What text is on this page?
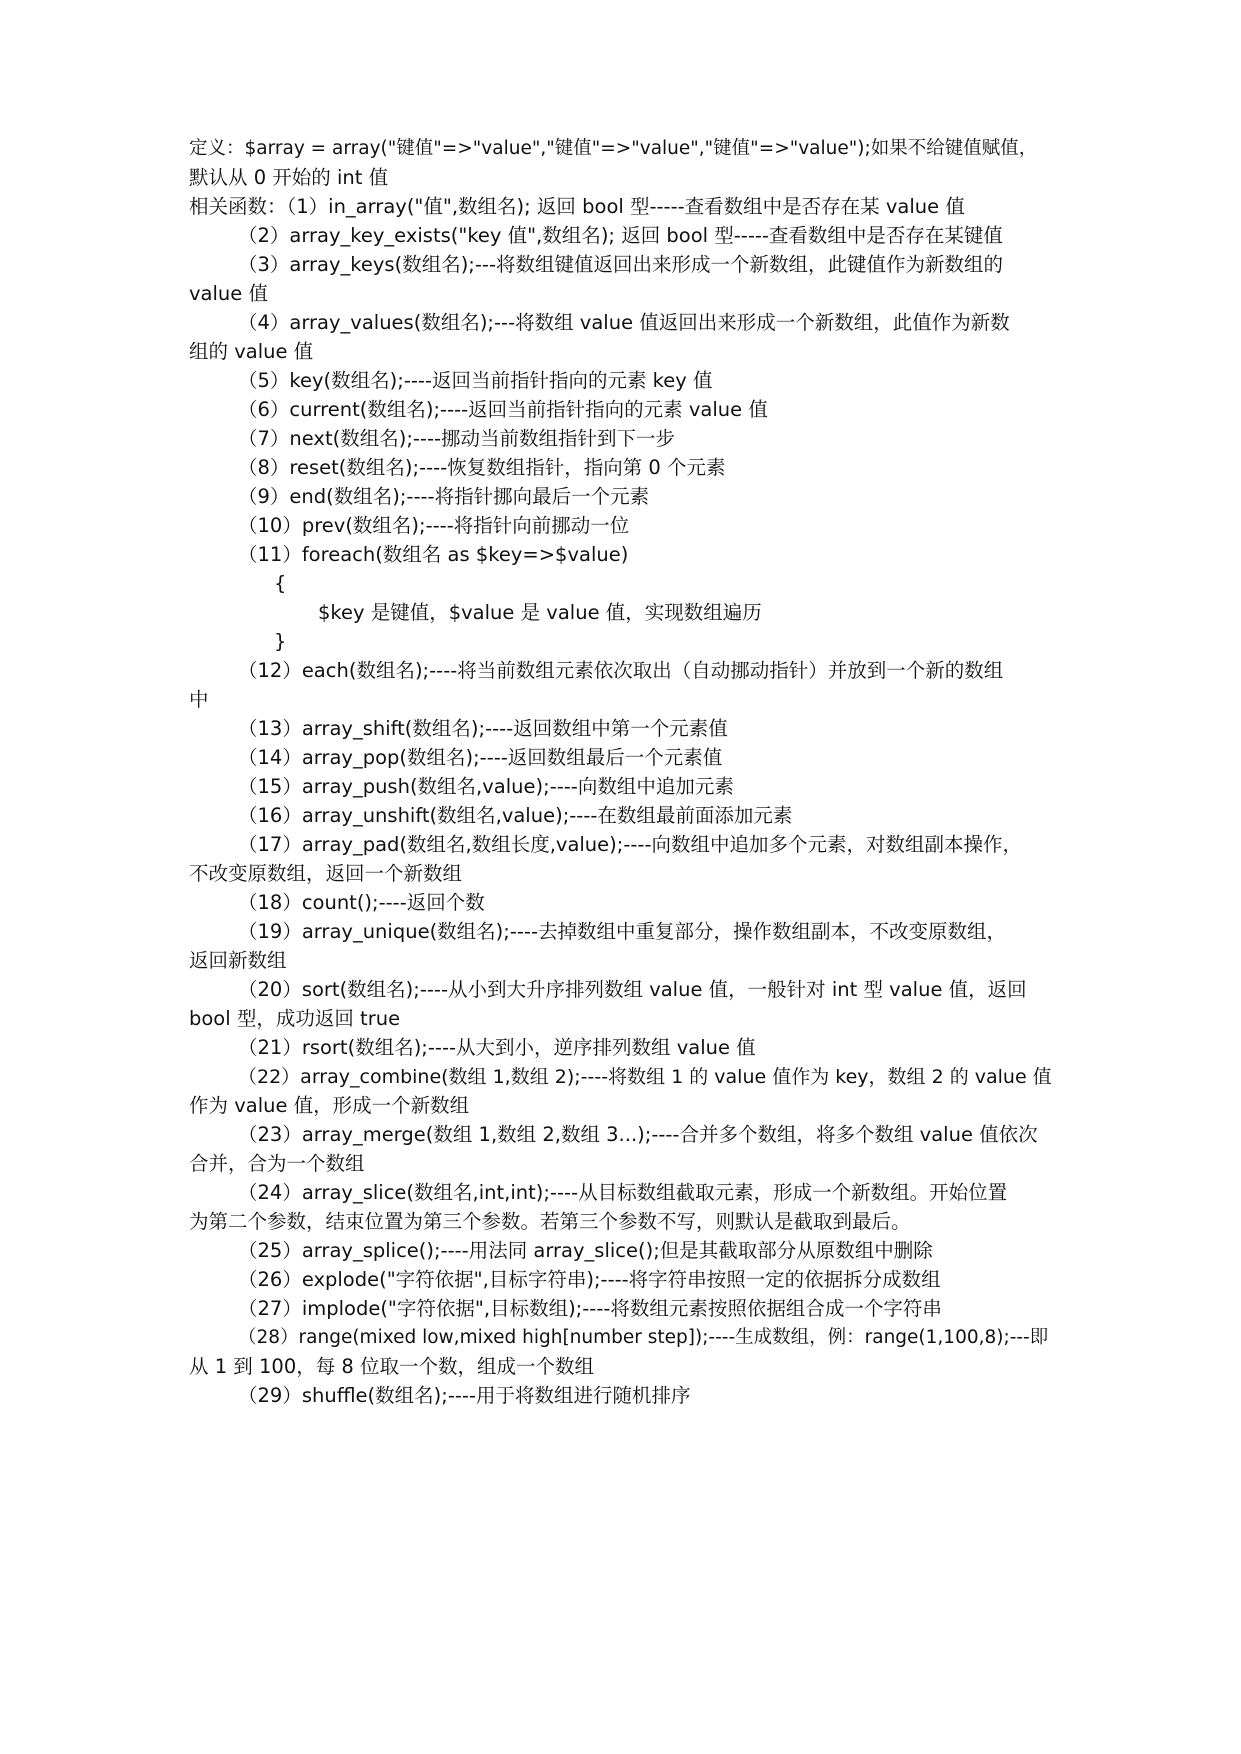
定义：$array = array("键值"=>"value","键值"=>"value","键值"=>"value");如果不给键值赋值，

默认从 0 开始的 int 值

相关函数：（1）in_array("值",数组名); 返回 bool 型-----查看数组中是否存在某 value 值

（2）array_key_exists("key 值",数组名); 返回 bool 型-----查看数组中是否存在某键值

（3）array_keys(数组名);---将数组键值返回出来形成一个新数组，此键值作为新数组的

value 值

（4）array_values(数组名);---将数组 value 值返回出来形成一个新数组，此值作为新数

组的 value 值

（5）key(数组名);----返回当前指针指向的元素 key 值

（6）current(数组名);----返回当前指针指向的元素 value 值

（7）next(数组名);----挪动当前数组指针到下一步

（8）reset(数组名);----恢复数组指针，指向第 0 个元素

（9）end(数组名);----将指针挪向最后一个元素

（10）prev(数组名);----将指针向前挪动一位

（11）foreach(数组名 as $key=>$value)

{

$key 是键值，$value 是 value 值，实现数组遍历

}

（12）each(数组名);----将当前数组元素依次取出（自动挪动指针）并放到一个新的数组

中

（13）array_shift(数组名);----返回数组中第一个元素值

（14）array_pop(数组名);----返回数组最后一个元素值

（15）array_push(数组名,value);----向数组中追加元素

（16）array_unshift(数组名,value);----在数组最前面添加元素

（17）array_pad(数组名,数组长度,value);----向数组中追加多个元素，对数组副本操作，

不改变原数组，返回一个新数组

（18）count();----返回个数

（19）array_unique(数组名);----去掉数组中重复部分，操作数组副本，不改变原数组，

返回新数组

（20）sort(数组名);----从小到大升序排列数组 value 值，一般针对 int 型 value 值，返回

bool 型，成功返回 true

（21）rsort(数组名);----从大到小，逆序排列数组 value 值

（22）array_combine(数组 1,数组 2);----将数组 1 的 value 值作为 key，数组 2 的 value 值

作为 value 值，形成一个新数组

（23）array_merge(数组 1,数组 2,数组 3...);----合并多个数组，将多个数组 value 值依次

合并，合为一个数组

（24）array_slice(数组名,int,int);----从目标数组截取元素，形成一个新数组。开始位置

为第二个参数，结束位置为第三个参数。若第三个参数不写，则默认是截取到最后。

（25）array_splice();----用法同 array_slice();但是其截取部分从原数组中删除

（26）explode("字符依据",目标字符串);----将字符串按照一定的依据拆分成数组

（27）implode("字符依据",目标数组);----将数组元素按照依据组合成一个字符串

（28）range(mixed low,mixed high[number step]);----生成数组，例：range(1,100,8);---即

从 1 到 100，每 8 位取一个数，组成一个数组

（29）shuffle(数组名);----用于将数组进行随机排序
